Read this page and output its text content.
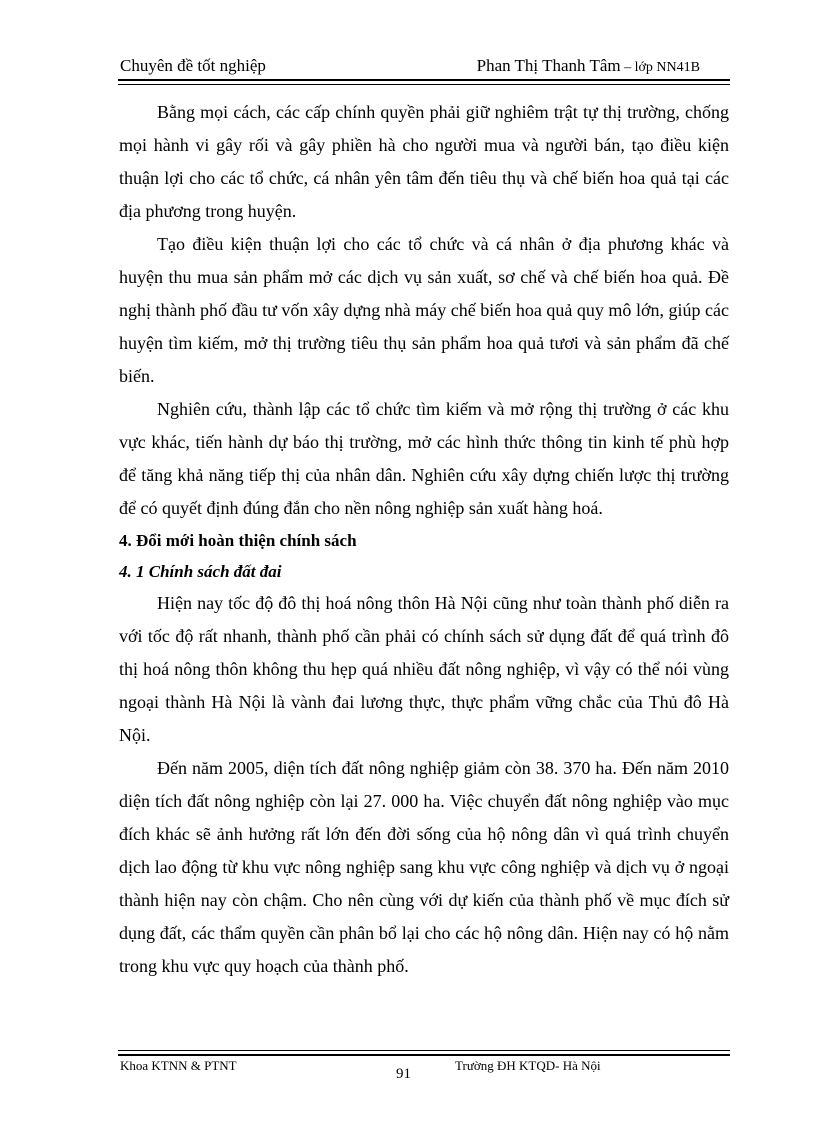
Chuyên đề tốt nghiệp	Phan Thị Thanh Tâm – lớp NN41B

Bằng mọi cách, các cấp chính quyền phải giữ nghiêm trật tự thị trường, chống mọi hành vi gây rối và gây phiền hà cho người mua và người bán, tạo điều kiện thuận lợi cho các tổ chức, cá nhân yên tâm đến tiêu thụ và chế biến hoa quả tại các địa phương trong huyện.

Tạo điều kiện thuận lợi cho các tổ chức và cá nhân ở địa phương khác và huyện thu mua sản phẩm mở các dịch vụ sản xuất, sơ chế và chế biến hoa quả. Đề nghị thành phố đầu tư vốn xây dựng nhà máy chế biến hoa quả quy mô lớn, giúp các huyện tìm kiếm, mở thị trường tiêu thụ sản phẩm hoa quả tươi và sản phẩm đã chế biến.

Nghiên cứu, thành lập các tổ chức tìm kiếm và mở rộng thị trường ở các khu vực khác, tiến hành dự báo thị trường, mở các hình thức thông tin kinh tế phù hợp để tăng khả năng tiếp thị của nhân dân. Nghiên cứu xây dựng chiến lược thị trường để có quyết định đúng đắn cho nền nông nghiệp sản xuất hàng hoá.

4. Đổi mới hoàn thiện chính sách

4. 1 Chính sách đất đai

Hiện nay tốc độ đô thị hoá nông thôn Hà Nội cũng như toàn thành phố diễn ra với tốc độ rất nhanh, thành phố cần phải có chính sách sử dụng đất để quá trình đô thị hoá nông thôn không thu hẹp quá nhiều đất nông nghiệp, vì vậy có thể nói vùng ngoại thành Hà Nội là vành đai lương thực, thực phẩm vững chắc của Thủ đô Hà Nội.

Đến năm 2005, diện tích đất nông nghiệp giảm còn 38. 370 ha. Đến năm 2010 diện tích đất nông nghiệp còn lại 27. 000 ha. Việc chuyển đất nông nghiệp vào mục đích khác sẽ ảnh hưởng rất lớn đến đời sống của hộ nông dân vì quá trình chuyển dịch lao động từ khu vực nông nghiệp sang khu vực công nghiệp và dịch vụ ở ngoại thành hiện nay còn chậm. Cho nên cùng với dự kiến của thành phố về mục đích sử dụng đất, các thẩm quyền cần phân bổ lại cho các hộ nông dân. Hiện nay có hộ nằm trong khu vực quy hoạch của thành phố.

Khoa KTNN & PTNT
91
Trường ĐH KTQD- Hà Nội
